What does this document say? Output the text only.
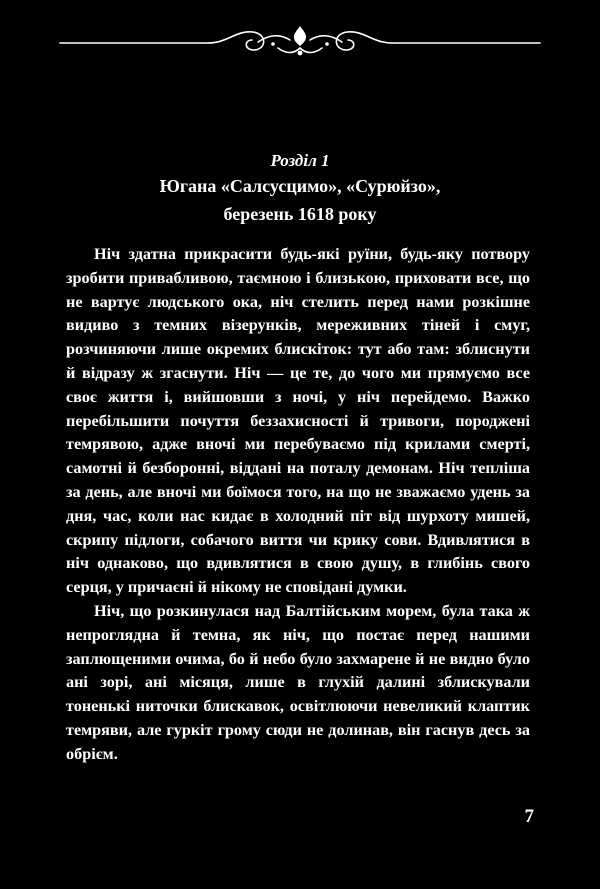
Розділ 1
Югана «Салсусцимо», «Сурюйзо»,
березень 1618 року

Ніч здатна прикрасити будь-які руїни, будь-яку потвору зробити привабливою, таємною і близькою, приховати все, що не вартує людського ока, ніч стелить перед нами розкішне видиво з темних візерунків, мереживних тіней і смуг, розчиняючи лише окремих блискіток: тут або там: зблиснути й відразу ж згаснути. Ніч — це те, до чого ми прямуємо все своє життя і, вийшовши з ночі, у ніч перейдемо. Важко перебільшити почуття беззахисності й тривоги, породжені темрявою, адже вночі ми перебуваємо під крилами смерті, самотні й безборонні, віддані на поталу демонам. Ніч тепліша за день, але вночі ми боїмося того, на що не зважаємо удень за дня, час, коли нас кидає в холодний піт від шурхоту мишей, скрипу підлоги, собачого виття чи крику сови. Вдивлятися в ніч однаково, що вдивлятися в свою душу, в глибінь свого серця, у причаєні й нікому не сповідані думки.

Ніч, що розкинулася над Балтійським морем, була така ж непроглядна й темна, як ніч, що постає перед нашими заплющеними очима, бо й небо було захмарене й не видно було ані зорі, ані місяця, лише в глухій далині зблискували тоненькі ниточки блискавок, освітлюючи невеликий клаптик темряви, але гуркіт грому сюди не долинав, він гаснув десь за обрієм.

7
